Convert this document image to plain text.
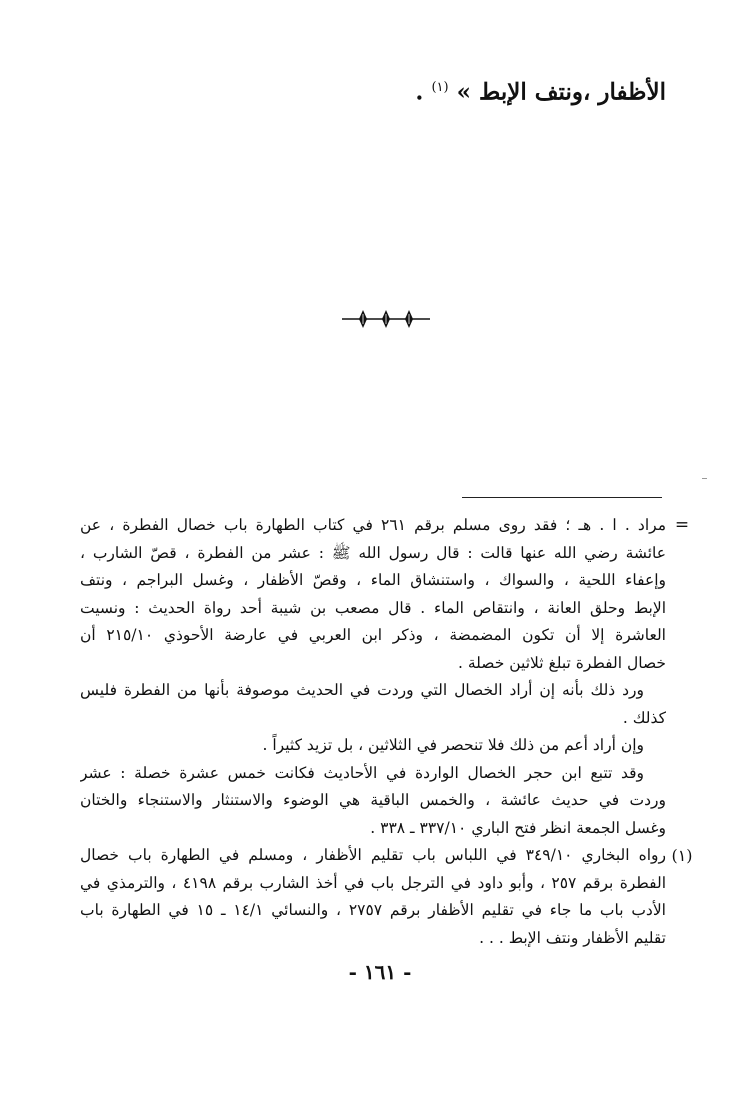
الأظفار ،ونتف الإبط » $^{(١)}$ .
=
مراد . ا . هـ ؛ فقد روى مسلم برقم ٢٦١ في كتاب الطهارة باب خصال الفطرة ، عن
عائشة رضي الله عنها قالت : قال رسول الله ﷺ : عشر من الفطرة ، قصّ الشارب ،
وإعفاء اللحية ، والسواك ، واستنشاق الماء ، وقصّ الأظفار ، وغسل البراجم ، ونتف
الإبط وحلق العانة ، وانتقاص الماء . قال مصعب بن شيبة أحد رواة الحديث : ونسيت
العاشرة إلا أن تكون المضمضة ، وذكر ابن العربي في عارضة الأحوذي ٢١٥/١٠ أن
خصال الفطرة تبلغ ثلاثين خصلة .
ورد ذلك بأنه إن أراد الخصال التي وردت في الحديث موصوفة بأنها من الفطرة فليس
كذلك .
وإن أراد أعم من ذلك فلا تنحصر في الثلاثين ، بل تزيد كثيراً .
وقد تتبع ابن حجر الخصال الواردة في الأحاديث فكانت خمس عشرة خصلة : عشر
وردت في حديث عائشة ، والخمس الباقية هي الوضوء والاستنثار والاستنجاء والختان
وغسل الجمعة انظر فتح الباري ٣٣٧/١٠ ـ ٣٣٨ .
(١)
رواه البخاري ٣٤٩/١٠ في اللباس باب تقليم الأظفار ، ومسلم في الطهارة باب خصال
الفطرة برقم ٢٥٧ ، وأبو داود في الترجل باب في أخذ الشارب برقم ٤١٩٨ ، والترمذي في
الأدب باب ما جاء في تقليم الأظفار برقم ٢٧٥٧ ، والنسائي ١٤/١ ـ ١٥ في الطهارة باب
تقليم الأظفار ونتف الإبط . . .
- ١٦١ -
